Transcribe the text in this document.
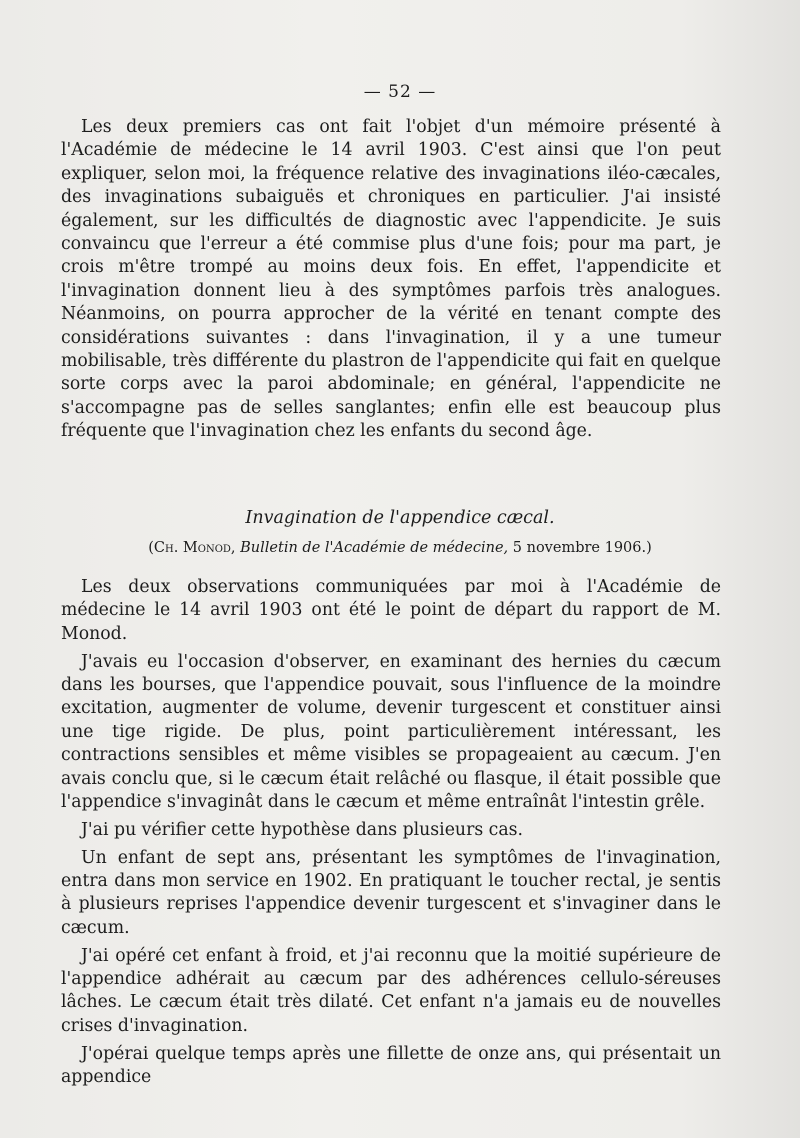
— 52 —

Les deux premiers cas ont fait l'objet d'un mémoire présenté à l'Académie de médecine le 14 avril 1903. C'est ainsi que l'on peut expliquer, selon moi, la fréquence relative des invaginations iléo-cæcales, des invaginations subaiguës et chroniques en particulier. J'ai insisté également, sur les difficultés de diagnostic avec l'appendicite. Je suis convaincu que l'erreur a été commise plus d'une fois; pour ma part, je crois m'être trompé au moins deux fois. En effet, l'appendicite et l'invagination donnent lieu à des symptômes parfois très analogues. Néanmoins, on pourra approcher de la vérité en tenant compte des considérations suivantes : dans l'invagination, il y a une tumeur mobilisable, très différente du plastron de l'appendicite qui fait en quelque sorte corps avec la paroi abdominale; en général, l'appendicite ne s'accompagne pas de selles sanglantes; enfin elle est beaucoup plus fréquente que l'invagination chez les enfants du second âge.

Invagination de l'appendice cæcal.
(Ch. Monod, Bulletin de l'Académie de médecine, 5 novembre 1906.)

Les deux observations communiquées par moi à l'Académie de médecine le 14 avril 1903 ont été le point de départ du rapport de M. Monod.

J'avais eu l'occasion d'observer, en examinant des hernies du cæcum dans les bourses, que l'appendice pouvait, sous l'influence de la moindre excitation, augmenter de volume, devenir turgescent et constituer ainsi une tige rigide. De plus, point particulièrement intéressant, les contractions sensibles et même visibles se propageaient au cæcum. J'en avais conclu que, si le cæcum était relâché ou flasque, il était possible que l'appendice s'invaginât dans le cæcum et même entraînât l'intestin grêle.

J'ai pu vérifier cette hypothèse dans plusieurs cas.

Un enfant de sept ans, présentant les symptômes de l'invagination, entra dans mon service en 1902. En pratiquant le toucher rectal, je sentis à plusieurs reprises l'appendice devenir turgescent et s'invaginer dans le cæcum.

J'ai opéré cet enfant à froid, et j'ai reconnu que la moitié supérieure de l'appendice adhérait au cæcum par des adhérences cellulo-séreuses lâches. Le cæcum était très dilaté. Cet enfant n'a jamais eu de nouvelles crises d'invagination.

J'opérai quelque temps après une fillette de onze ans, qui présentait un appendice
